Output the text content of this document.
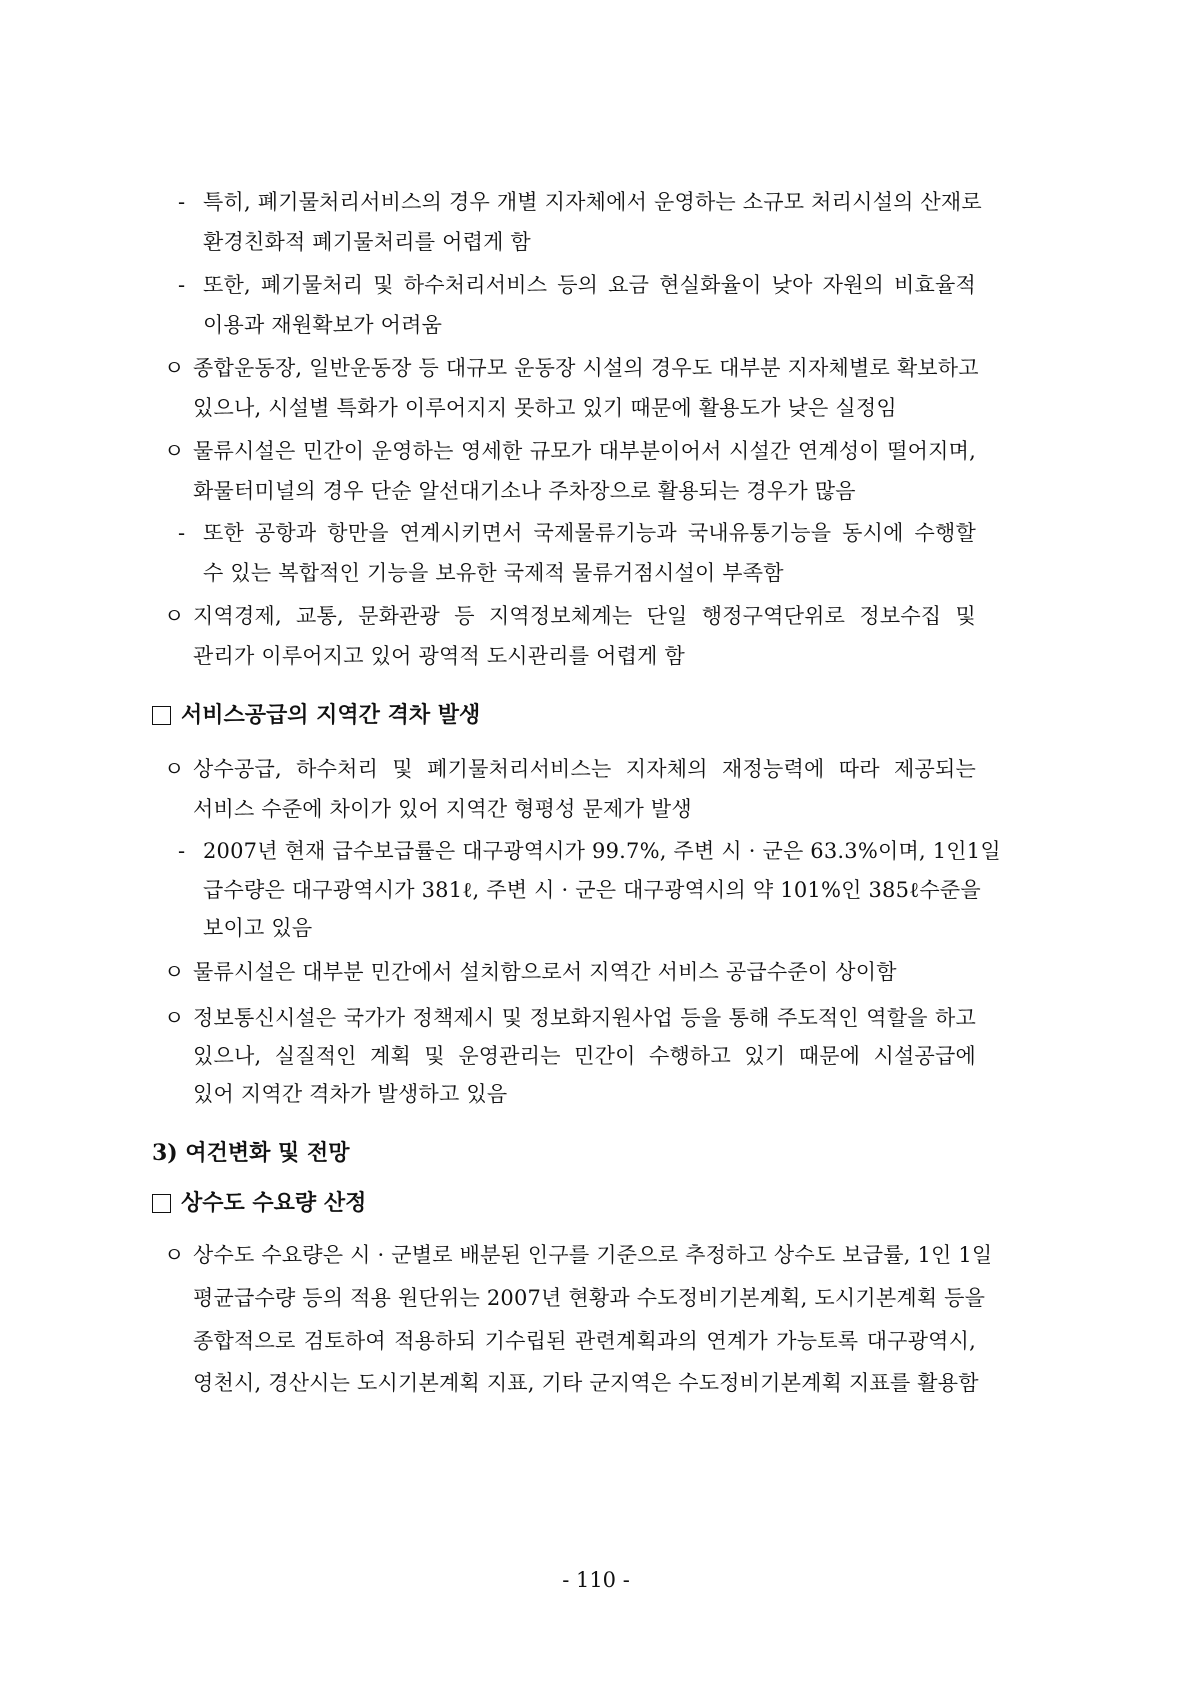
- 특히, 폐기물처리서비스의 경우 개별 지자체에서 운영하는 소규모 처리시설의 산재로
환경친화적 폐기물처리를 어렵게 함
- 또한, 폐기물처리 및 하수처리서비스 등의 요금 현실화율이 낮아 자원의 비효율적
이용과 재원확보가 어려움
ㅇ 종합운동장, 일반운동장 등 대규모 운동장 시설의 경우도 대부분 지자체별로 확보하고
있으나, 시설별 특화가 이루어지지 못하고 있기 때문에 활용도가 낮은 실정임
ㅇ 물류시설은 민간이 운영하는 영세한 규모가 대부분이어서 시설간 연계성이 떨어지며,
화물터미널의 경우 단순 알선대기소나 주차장으로 활용되는 경우가 많음
- 또한 공항과 항만을 연계시키면서 국제물류기능과 국내유통기능을 동시에 수행할
수 있는 복합적인 기능을 보유한 국제적 물류거점시설이 부족함
ㅇ 지역경제, 교통, 문화관광 등 지역정보체계는 단일 행정구역단위로 정보수집 및
관리가 이루어지고 있어 광역적 도시관리를 어렵게 함
서비스공급의 지역간 격차 발생
ㅇ 상수공급, 하수처리 및 폐기물처리서비스는 지자체의 재정능력에 따라 제공되는
서비스 수준에 차이가 있어 지역간 형평성 문제가 발생
- 2007년 현재 급수보급률은 대구광역시가 99.7%, 주변 시 · 군은 63.3%이며, 1인1일
급수량은 대구광역시가 381ℓ, 주변 시 · 군은 대구광역시의 약 101%인 385ℓ수준을
보이고 있음
ㅇ 물류시설은 대부분 민간에서 설치함으로서 지역간 서비스 공급수준이 상이함
ㅇ 정보통신시설은 국가가 정책제시 및 정보화지원사업 등을 통해 주도적인 역할을 하고
있으나, 실질적인 계획 및 운영관리는 민간이 수행하고 있기 때문에 시설공급에
있어 지역간 격차가 발생하고 있음
3) 여건변화 및 전망
상수도 수요량 산정
ㅇ 상수도 수요량은 시 · 군별로 배분된 인구를 기준으로 추정하고 상수도 보급률, 1인 1일
평균급수량 등의 적용 원단위는 2007년 현황과 수도정비기본계획, 도시기본계획 등을
종합적으로 검토하여 적용하되 기수립된 관련계획과의 연계가 가능토록 대구광역시,
영천시, 경산시는 도시기본계획 지표, 기타 군지역은 수도정비기본계획 지표를 활용함
- 110 -
